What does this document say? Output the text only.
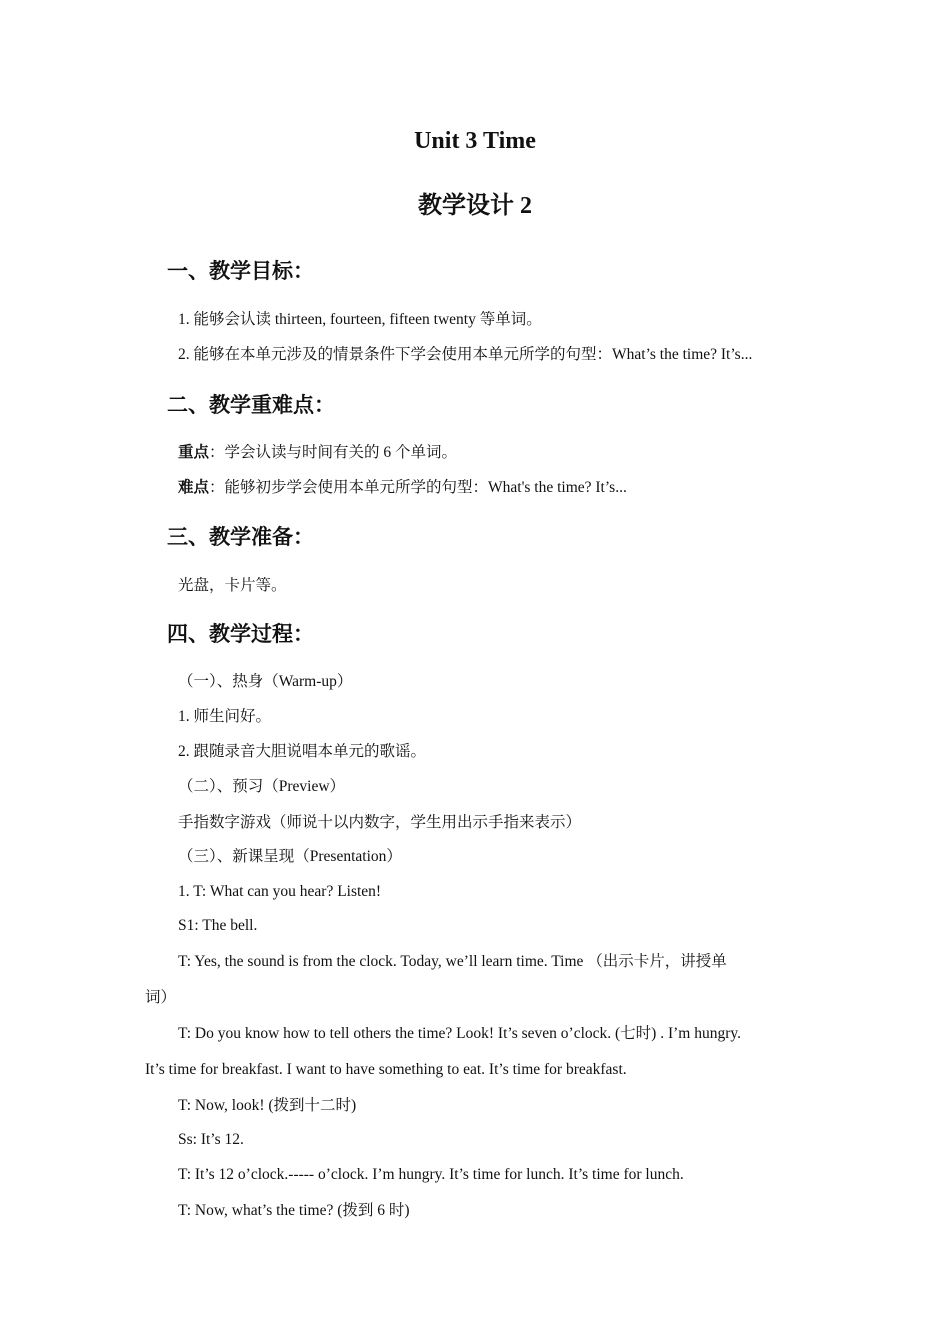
Unit 3 Time
教学设计 2
一、教学目标：
1. 能够会认读 thirteen, fourteen, fifteen twenty 等单词。
2. 能够在本单元涉及的情景条件下学会使用本单元所学的句型：What’s the time? It’s...
二、教学重难点：
重点：学会认读与时间有关的 6 个单词。
难点：能够初步学会使用本单元所学的句型：What's the time? It’s...
三、教学准备：
光盘，卡片等。
四、教学过程：
（一）、热身（Warm-up）
1. 师生问好。
2. 跟随录音大胆说唱本单元的歌谣。
（二）、预习（Preview）
手指数字游戏（师说十以内数字，学生用出示手指来表示）
（三）、新课呈现（Presentation）
1. T: What can you hear? Listen!
S1: The bell.
T: Yes, the sound is from the clock. Today, we’ll learn time. Time （出示卡片，讲授单
词）
T: Do you know how to tell others the time? Look! It’s seven o’clock. (七时) . I’m hungry.
It’s time for breakfast. I want to have something to eat. It’s time for breakfast.
T: Now, look! (拨到十二时)
Ss: It’s 12.
T: It’s 12 o’clock.----- o’clock. I’m hungry. It’s time for lunch. It’s time for lunch.
T: Now, what’s the time? (拨到 6 时)
